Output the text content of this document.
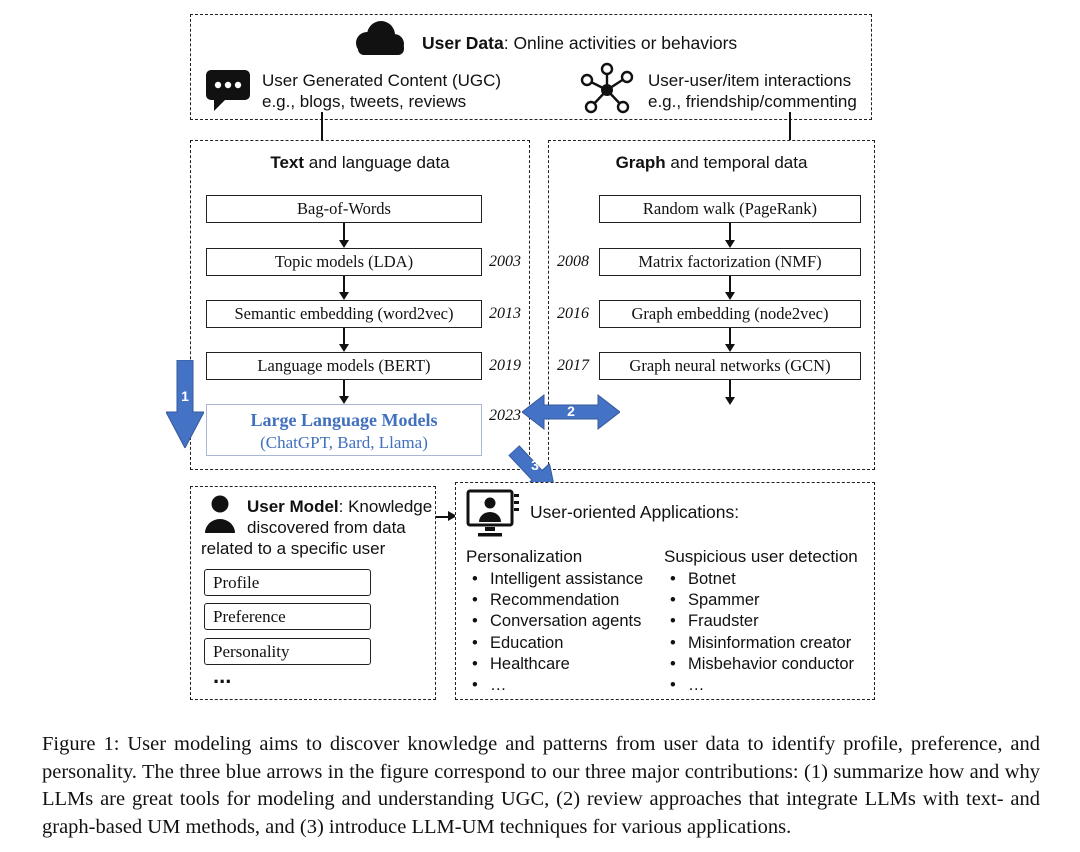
User Data: Online activities or behaviors
User Generated Content (UGC)
e.g., blogs, tweets, reviews
User-user/item interactions
e.g., friendship/commenting
Text and language data
Bag-of-Words
Topic models (LDA)
Semantic embedding (word2vec)
Language models (BERT)
Large Language Models
(ChatGPT, Bard, Llama)
2003
2013
2019
2023
Graph and temporal data
Random walk (PageRank)
Matrix factorization (NMF)
Graph embedding (node2vec)
Graph neural networks (GCN)
2008
2016
2017
1
2
3
User Model: Knowledge
discovered from data
related to a specific user
Profile
Preference
Personality
...
User-oriented Applications:
Personalization
• Intelligent assistance
• Recommendation
• Conversation agents
• Education
• Healthcare
• …
Suspicious user detection
• Botnet
• Spammer
• Fraudster
• Misinformation creator
• Misbehavior conductor
• …
Figure 1: User modeling aims to discover knowledge and patterns from user data to identify profile, preference, and personality. The three blue arrows in the figure correspond to our three major contributions: (1) summarize how and why LLMs are great tools for modeling and understanding UGC, (2) review approaches that integrate LLMs with text- and graph-based UM methods, and (3) introduce LLM-UM techniques for various applications.
